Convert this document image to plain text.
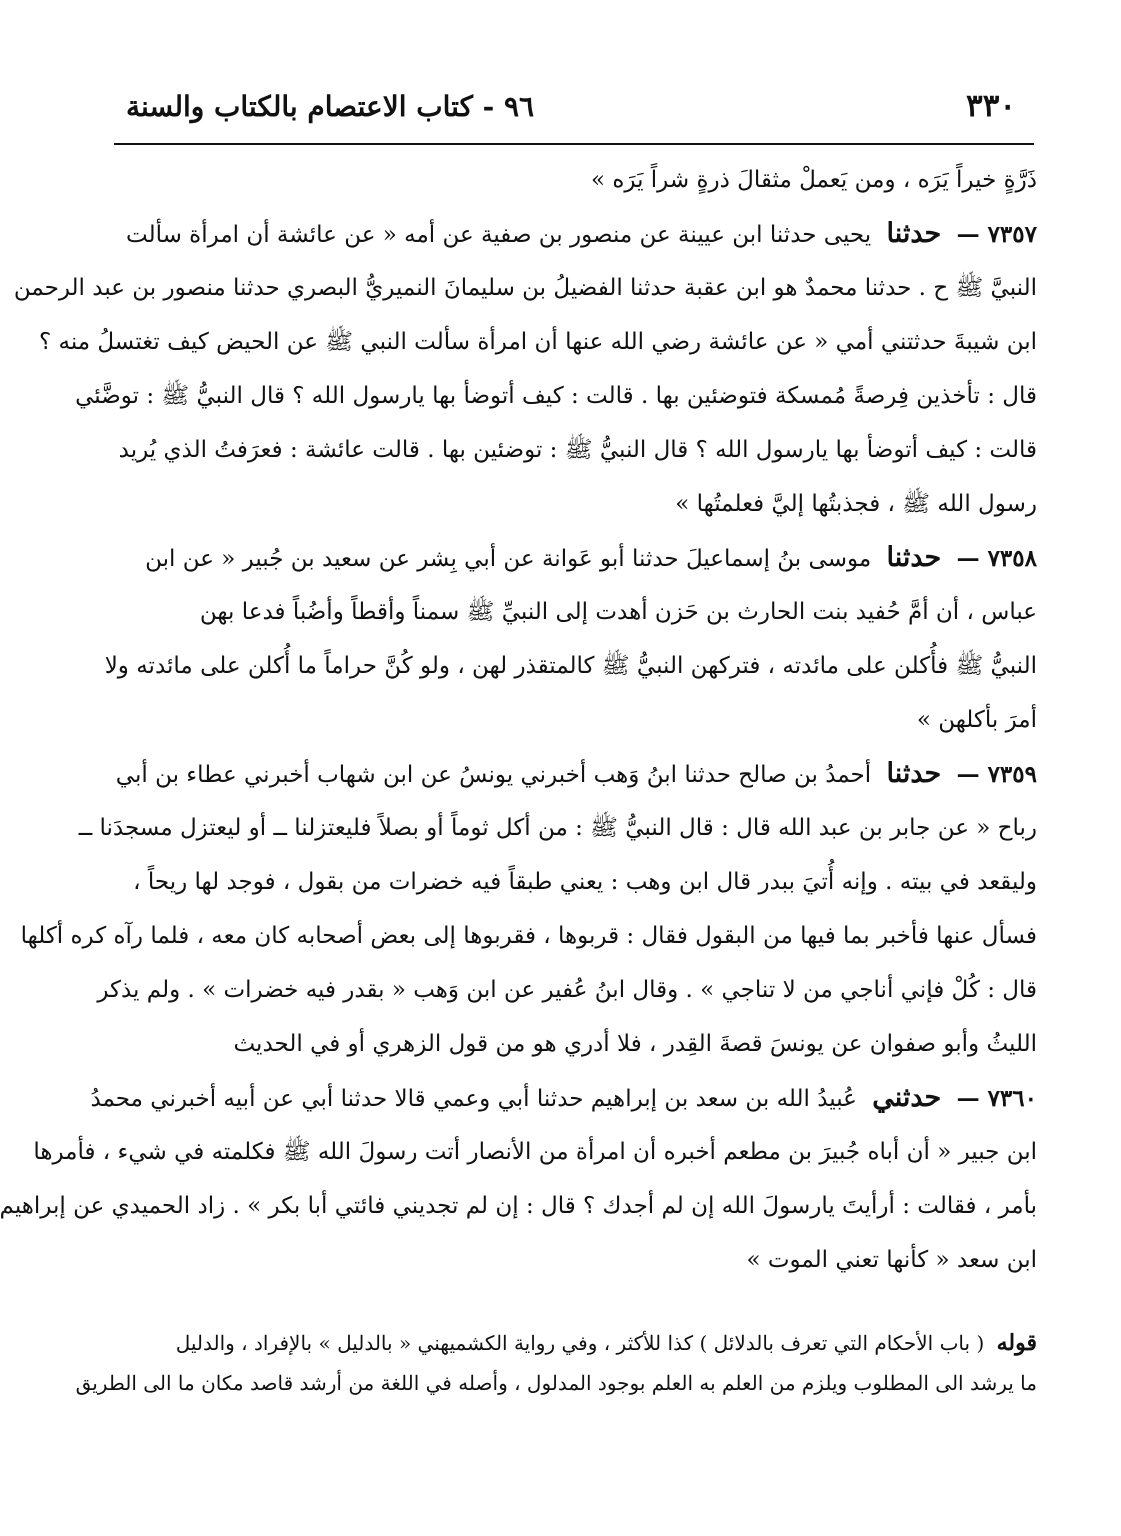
٩٦ - كتاب الاعتصام بالكتاب والسنة	٣٣٠
ذَرَّةٍ خيراً يَرَه ، ومن يَعملْ مثقالَ ذرةٍ شراً يَرَه »
٧٣٥٧ — حدثنا يحيى حدثنا ابن عيينة عن منصور بن صفية عن أمه « عن عائشة أن امرأة سألت
النبيَّ ﷺ ح . حدثنا محمدٌ هو ابن عقبة حدثنا الفضيلُ بن سليمانَ النميريُّ البصري حدثنا منصور بن عبد الرحمن
ابن شيبةَ حدثتني أمي « عن عائشة رضي الله عنها أن امرأة سألت النبي ﷺ عن الحيض كيف تغتسلُ منه ؟
قال : تأخذين فِرصةً مُمسكة فتوضئين بها . قالت : كيف أتوضأ بها يارسول الله ؟ قال النبيُّ ﷺ : توضَّئي
قالت : كيف أتوضأ بها يارسول الله ؟ قال النبيُّ ﷺ : توضئين بها . قالت عائشة : فعرَفتُ الذي يُريد
رسول الله ﷺ ، فجذبتُها إليَّ فعلمتُها »
٧٣٥٨ — حدثنا موسى بنُ إسماعيلَ حدثنا أبو عَوانة عن أبي بِشر عن سعيد بن جُبير « عن ابن
عباس ، أن أمَّ حُفيد بنت الحارث بن حَزن أهدت إلى النبيِّ ﷺ سمناً وأقطاً وأضُباً فدعا بهن
النبيُّ ﷺ فأُكلن على مائدته ، فتركهن النبيُّ ﷺ كالمتقذر لهن ، ولو كُنَّ حراماً ما أُكلن على مائدته ولا
أمرَ بأكلهن »
٧٣٥٩ — حدثنا أحمدُ بن صالح حدثنا ابنُ وَهب أخبرني يونسُ عن ابن شهاب أخبرني عطاء بن أبي
رباح « عن جابر بن عبد الله قال : قال النبيُّ ﷺ : من أكل ثوماً أو بصلاً فليعتزلنا ــ أو ليعتزل مسجدَنا ــ
وليقعد في بيته . وإنه أُتيَ ببدر قال ابن وهب : يعني طبقاً فيه خضرات من بقول ، فوجد لها ريحاً ،
فسأل عنها فأخبر بما فيها من البقول فقال : قربوها ، فقربوها إلى بعض أصحابه كان معه ، فلما رآه كره أكلها
قال : كُلْ فإني أناجي من لا تناجي » . وقال ابنُ عُفير عن ابن وَهب « بقدر فيه خضرات » . ولم يذكر
الليثُ وأبو صفوان عن يونسَ قصةَ القِدر ، فلا أدري هو من قول الزهري أو في الحديث
٧٣٦٠ — حدثني عُبيدُ الله بن سعد بن إبراهيم حدثنا أبي وعمي قالا حدثنا أبي عن أبيه أخبرني محمدُ
ابن جبير « أن أباه جُبيرَ بن مطعم أخبره أن امرأة من الأنصار أتت رسولَ الله ﷺ فكلمته في شيء ، فأمرها
بأمر ، فقالت : أرأيتَ يارسولَ الله إن لم أجدك ؟ قال : إن لم تجديني فائتي أبا بكر » . زاد الحميدي عن إبراهيم
ابن سعد « كأنها تعني الموت »
قوله ( باب الأحكام التي تعرف بالدلائل ) كذا للأكثر ، وفي رواية الكشميهني « بالدليل » بالإفراد ، والدليل
ما يرشد الى المطلوب ويلزم من العلم به العلم بوجود المدلول ، وأصله في اللغة من أرشد قاصد مكان ما الى الطريق
